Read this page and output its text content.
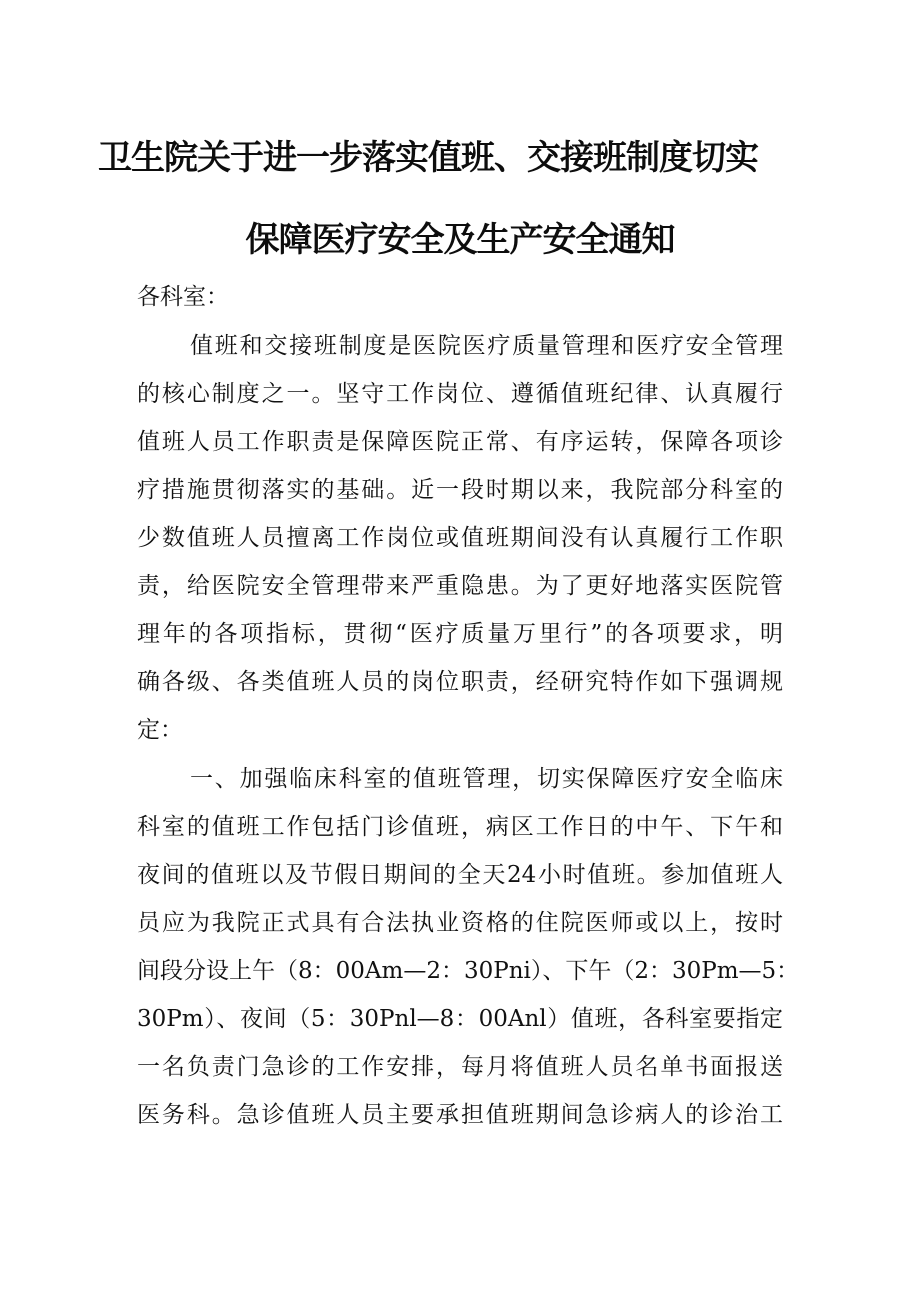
卫生院关于进一步落实值班、交接班制度切实
保障医疗安全及生产安全通知
各科室：
值班和交接班制度是医院医疗质量管理和医疗安全管理
的核心制度之一。坚守工作岗位、遵循值班纪律、认真履行
值班人员工作职责是保障医院正常、有序运转，保障各项诊
疗措施贯彻落实的基础。近一段时期以来，我院部分科室的
少数值班人员擅离工作岗位或值班期间没有认真履行工作职
责，给医院安全管理带来严重隐患。为了更好地落实医院管
理年的各项指标，贯彻“医疗质量万里行”的各项要求，明
确各级、各类值班人员的岗位职责，经研究特作如下强调规
定：
一、加强临床科室的值班管理，切实保障医疗安全临床
科室的值班工作包括门诊值班，病区工作日的中午、下午和
夜间的值班以及节假日期间的全天24小时值班。参加值班人
员应为我院正式具有合法执业资格的住院医师或以上，按时
间段分设上午（8：00Am—2：30Pni）、下午（2：30Pm—5：
30Pm）、夜间（5：30Pnl—8：00Anl）值班，各科室要指定
一名负责门急诊的工作安排，每月将值班人员名单书面报送
医务科。急诊值班人员主要承担值班期间急诊病人的诊治工
